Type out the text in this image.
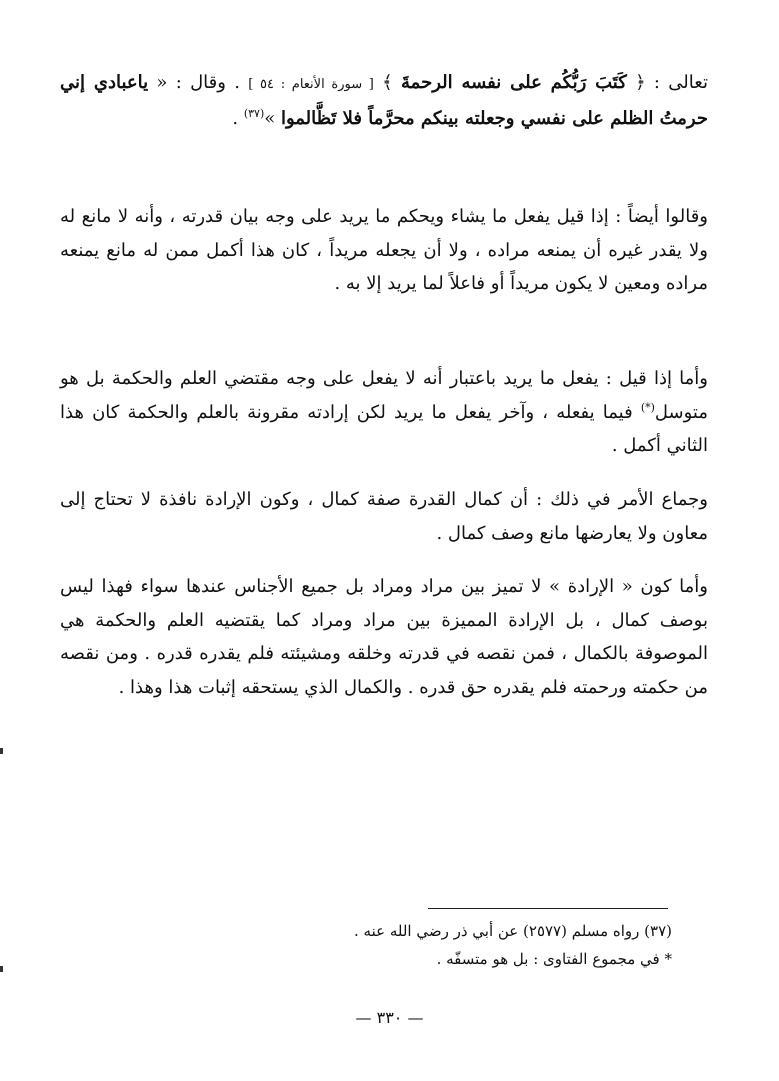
تعالى : ﴿ كَتَبَ رَبُّكُم على نفسه الرحمةَ ﴾ [ سورة الأنعام : ٥٤ ] . وقال : « ياعبادي إني حرمتُ الظلم على نفسي وجعلته بينكم محرَّماً فلا تَظَّالموا »$^{(٣٧)}$ .

وقالوا أيضاً : إذا قيل يفعل ما يشاء ويحكم ما يريد على وجه بيان قدرته ، وأنه لا مانع له ولا يقدر غيره أن يمنعه مراده ، ولا أن يجعله مريداً ، كان هذا أكمل ممن له مانع يمنعه مراده ومعين لا يكون مريداً أو فاعلاً لما يريد إلا به .

وأما إذا قيل : يفعل ما يريد باعتبار أنه لا يفعل على وجه مقتضي العلم والحكمة بل هو متوسل(*) فيما يفعله ، وآخر يفعل ما يريد لكن إرادته مقرونة بالعلم والحكمة كان هذا الثاني أكمل .

وجماع الأمر في ذلك : أن كمال القدرة صفة كمال ، وكون الإرادة نافذة لا تحتاج إلى معاون ولا يعارضها مانع وصف كمال .

وأما كون « الإرادة » لا تميز بين مراد ومراد بل جميع الأجناس عندها سواء فهذا ليس بوصف كمال ، بل الإرادة المميزة بين مراد ومراد كما يقتضيه العلم والحكمة هي الموصوفة بالكمال ، فمن نقصه في قدرته وخلقه ومشيئته فلم يقدره قدره . ومن نقصه من حكمته ورحمته فلم يقدره حق قدره . والكمال الذي يستحقه إثبات هذا وهذا .

(٣٧) رواه مسلم (٢٥٧٧) عن أبي ذر رضي الله عنه .

* في مجموع الفتاوى : بل هو متسفّه .

— ٣٣٠ —
